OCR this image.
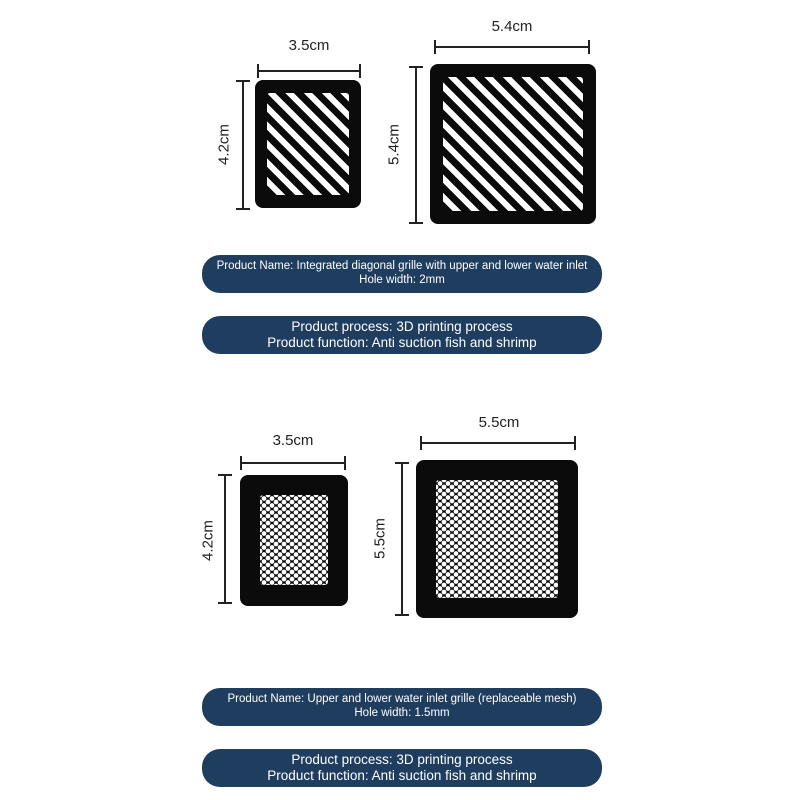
3.5cm
4.2cm
5.4cm
5.4cm
Product Name: Integrated diagonal grille with upper and lower water inlet
Hole width: 2mm
Product process: 3D printing process
Product function: Anti suction fish and shrimp
3.5cm
4.2cm
5.5cm
5.5cm
Product Name: Upper and lower water inlet grille (replaceable mesh)
Hole width: 1.5mm
Product process: 3D printing process
Product function: Anti suction fish and shrimp
